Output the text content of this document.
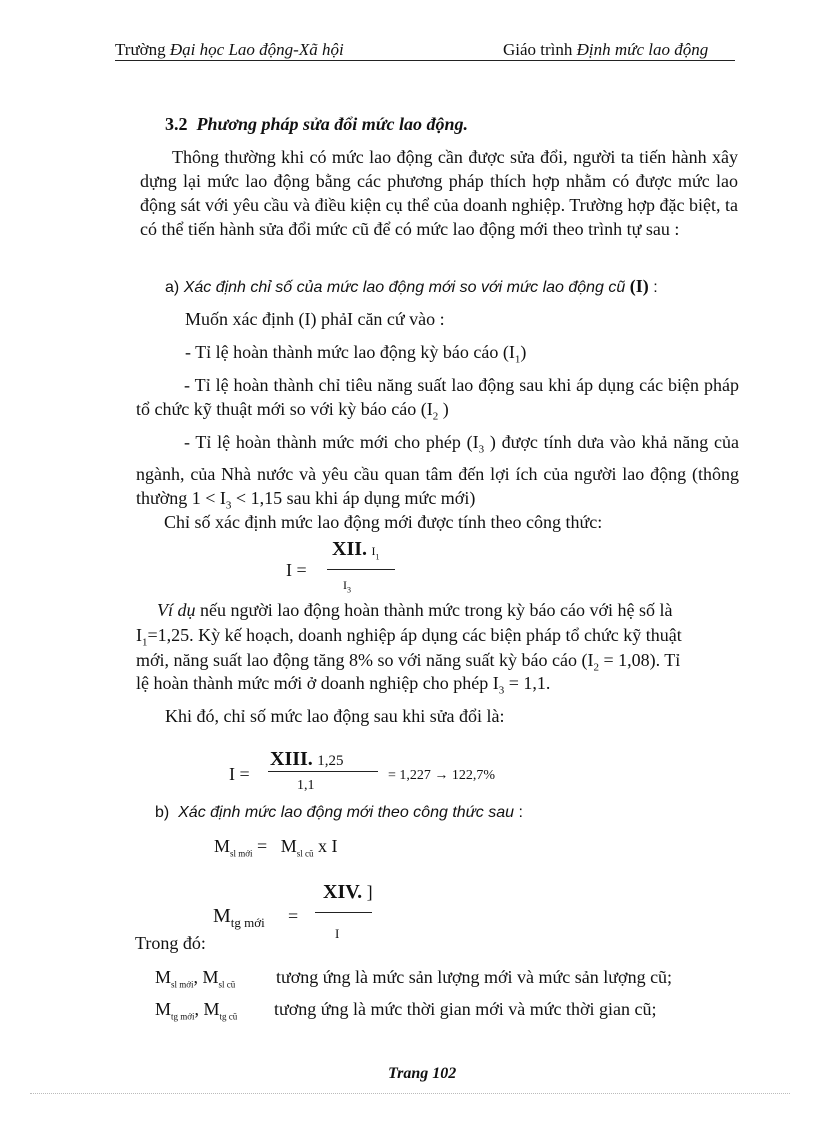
Trường Đại học Lao động-Xã hội	Giáo trình Định mức lao động
3.2 Phương pháp sửa đổi mức lao động.
Thông thường khi có mức lao động cần được sửa đổi, người ta tiến hành xây dựng lại mức lao động bằng các phương pháp thích hợp nhằm có được mức lao động sát với yêu cầu và điều kiện cụ thể của doanh nghiệp. Trường hợp đặc biệt, ta có thể tiến hành sửa đổi mức cũ để có mức lao động mới theo trình tự sau :
a) Xác định chỉ số của mức lao động mới so với mức lao động cũ (I) :
Muốn xác định (I) phảI căn cứ vào :
- Tỉ lệ hoàn thành mức lao động kỳ báo cáo $(I_1)$
- Tỉ lệ hoàn thành chỉ tiêu năng suất lao động sau khi áp dụng các biện pháp tổ chức kỹ thuật mới so với kỳ báo cáo ($I_2$ )
- Tỉ lệ hoàn thành mức mới cho phép ($I_3$ ) được tính dưa vào khả năng của ngành, của Nhà nước và yêu cầu quan tâm đến lợi ích của người lao động (thông thường $1 < I_3 < 1,15$ sau khi áp dụng mức mới)
Chỉ số xác định mức lao động mới được tính theo công thức:
I =
XII. $I_1$
$I_3$
Ví dụ nếu người lao động hoàn thành mức trong kỳ báo cáo với hệ số là
$I_1=1,25$. Kỳ kế hoạch, doanh nghiệp áp dụng các biện pháp tổ chức kỹ thuật
mới, năng suất lao động tăng 8% so với năng suất kỳ báo cáo $(I_2 = 1,08)$. Tỉ
lệ hoàn thành mức mới ở doanh nghiệp cho phép $I_3 = 1,1$.
Khi đó, chỉ số mức lao động sau khi sửa đổi là:
I =
XIII. 1,25
1,1
= 1,227 → 122,7%
b) Xác định mức lao động mới theo công thức sau :
$M_{sl mới} = M_{sl cũ}$ x I
$M_{tg mới}$ =
XIV. ]
I
Trong đó:
$M_{sl mới}$, $M_{sl cũ}$ tương ứng là mức sản lượng mới và mức sản lượng cũ;
$M_{tg mới}$, $M_{tg cũ}$ tương ứng là mức thời gian mới và mức thời gian cũ;
Trang 102
